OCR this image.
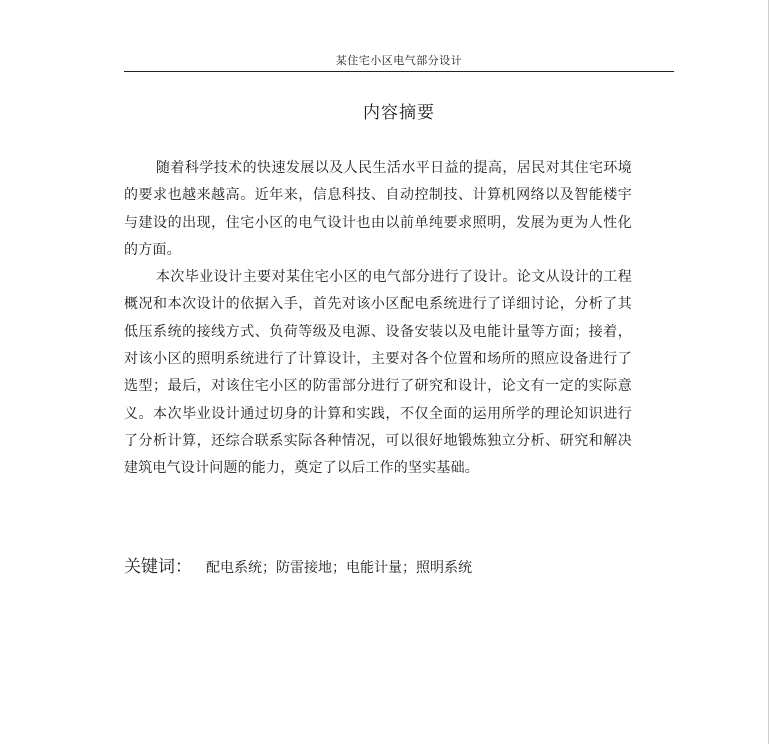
某住宅小区电气部分设计
内容摘要

随着科学技术的快速发展以及人民生活水平日益的提高，居民对其住宅环境的要求也越来越高。近年来，信息科技、自动控制技、计算机网络以及智能楼宇与建设的出现，住宅小区的电气设计也由以前单纯要求照明，发展为更为人性化的方面。

本次毕业设计主要对某住宅小区的电气部分进行了设计。论文从设计的工程概况和本次设计的依据入手，首先对该小区配电系统进行了详细讨论，分析了其低压系统的接线方式、负荷等级及电源、设备安装以及电能计量等方面；接着，对该小区的照明系统进行了计算设计，主要对各个位置和场所的照应设备进行了选型；最后，对该住宅小区的防雷部分进行了研究和设计，论文有一定的实际意义。本次毕业设计通过切身的计算和实践，不仅全面的运用所学的理论知识进行了分析计算，还综合联系实际各种情况，可以很好地锻炼独立分析、研究和解决建筑电气设计问题的能力，奠定了以后工作的坚实基础。

关键词： 配电系统；防雷接地；电能计量；照明系统
